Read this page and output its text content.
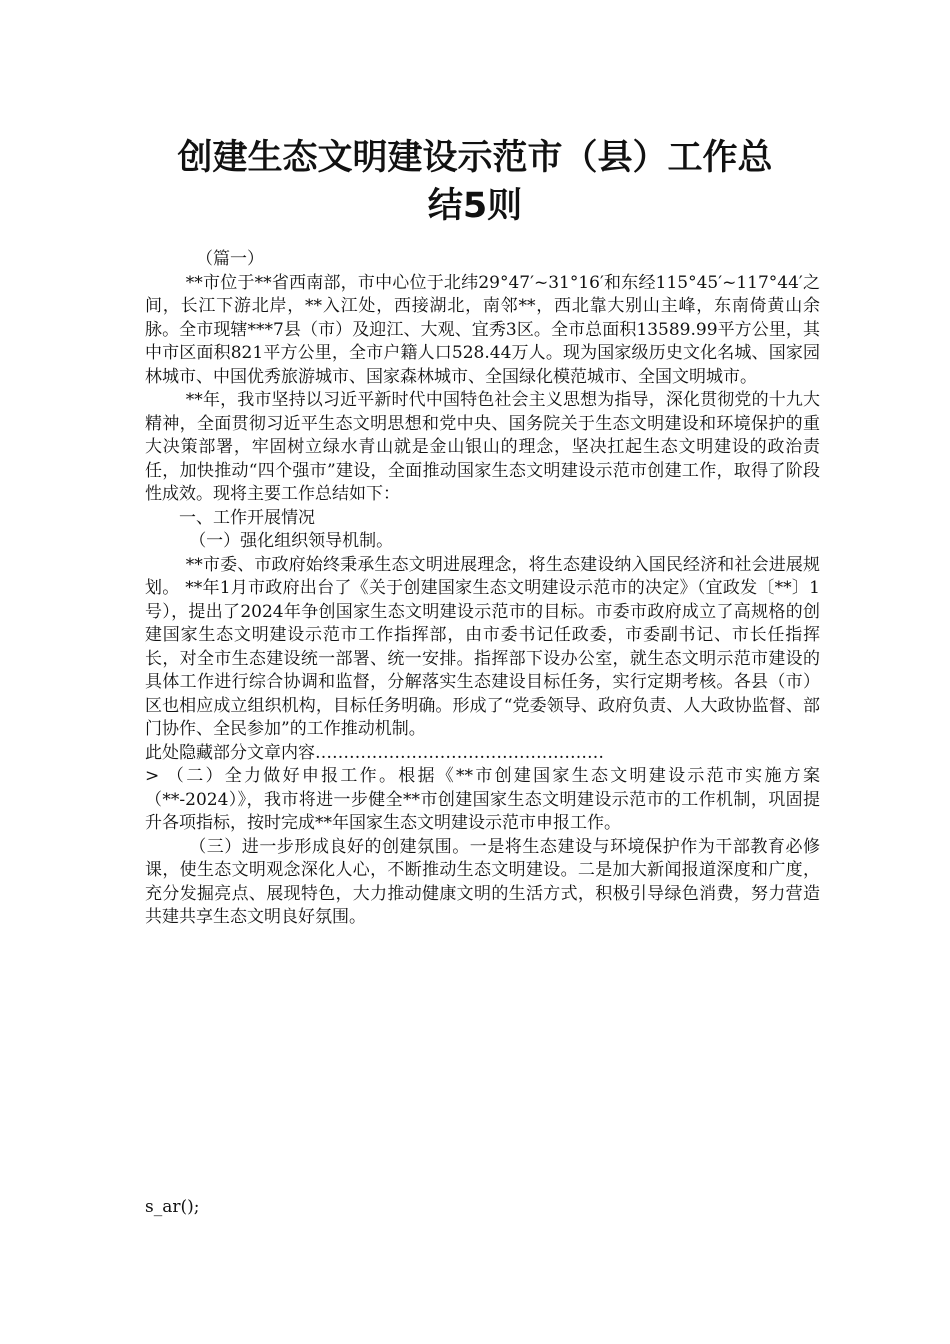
创建生态文明建设示范市（县）工作总
结5则

（篇一）

**市位于**省西南部，市中心位于北纬29°47′~31°16′和东经115°45′~117°44′之间，长江下游北岸，**入江处，西接湖北，南邻**，西北靠大别山主峰，东南倚黄山余脉。全市现辖***7县（市）及迎江、大观、宜秀3区。全市总面积13589.99平方公里，其中市区面积821平方公里，全市户籍人口528.44万人。现为国家级历史文化名城、国家园林城市、中国优秀旅游城市、国家森林城市、全国绿化模范城市、全国文明城市。

**年，我市坚持以习近平新时代中国特色社会主义思想为指导，深化贯彻党的十九大精神，全面贯彻习近平生态文明思想和党中央、国务院关于生态文明建设和环境保护的重大决策部署，牢固树立绿水青山就是金山银山的理念，坚决扛起生态文明建设的政治责任，加快推动“四个强市”建设，全面推动国家生态文明建设示范市创建工作，取得了阶段性成效。现将主要工作总结如下：

一、工作开展情况

（一）强化组织领导机制。

**市委、市政府始终秉承生态文明进展理念，将生态建设纳入国民经济和社会进展规划。 **年1月市政府出台了《关于创建国家生态文明建设示范市的决定》（宜政发〔**〕1号），提出了2024年争创国家生态文明建设示范市的目标。市委市政府成立了高规格的创建国家生态文明建设示范市工作指挥部，由市委书记任政委，市委副书记、市长任指挥长，对全市生态建设统一部署、统一安排。指挥部下设办公室，就生态文明示范市建设的具体工作进行综合协调和监督，分解落实生态建设目标任务，实行定期考核。各县（市）区也相应成立组织机构，目标任务明确。形成了“党委领导、政府负责、人大政协监督、部门协作、全民参加”的工作推动机制。

此处隐藏部分文章内容……………………………………………

> （二）全力做好申报工作。根据《**市创建国家生态文明建设示范市实施方案（**-2024）》，我市将进一步健全**市创建国家生态文明建设示范市的工作机制，巩固提升各项指标，按时完成**年国家生态文明建设示范市申报工作。

（三）进一步形成良好的创建氛围。一是将生态建设与环境保护作为干部教育必修课，使生态文明观念深化人心，不断推动生态文明建设。二是加大新闻报道深度和广度，充分发掘亮点、展现特色，大力推动健康文明的生活方式，积极引导绿色消费，努力营造共建共享生态文明良好氛围。

s_ar();
